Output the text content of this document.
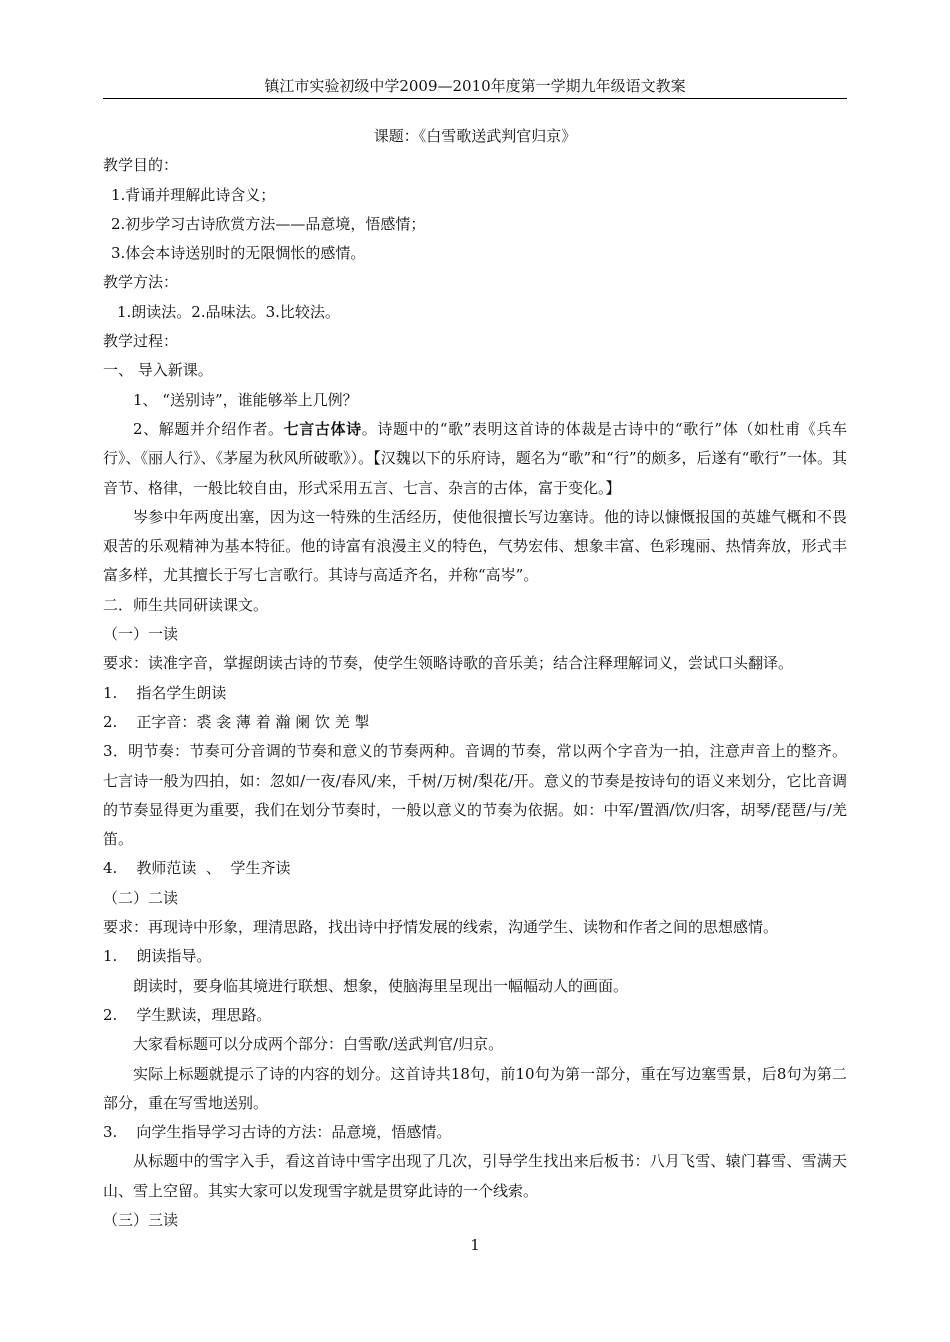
镇江市实验初级中学2009—2010年度第一学期九年级语文教案

课题：《白雪歌送武判官归京》

教学目的：

1.背诵并理解此诗含义；

2.初步学习古诗欣赏方法——品意境，悟感情；

3.体会本诗送别时的无限惆怅的感情。

教学方法：

1.朗读法。2.品味法。3.比较法。

教学过程：

一、 导入新课。

1、 “送别诗”，谁能够举上几例？

2、解题并介绍作者。七言古体诗。诗题中的“歌”表明这首诗的体裁是古诗中的“歌行”体（如杜甫《兵车行》、《丽人行》、《茅屋为秋风所破歌》）。【汉魏以下的乐府诗，题名为“歌”和“行”的颇多，后遂有“歌行”一体。其音节、格律，一般比较自由，形式采用五言、七言、杂言的古体，富于变化。】

岑参中年两度出塞，因为这一特殊的生活经历，使他很擅长写边塞诗。他的诗以慷慨报国的英雄气概和不畏艰苦的乐观精神为基本特征。他的诗富有浪漫主义的特色，气势宏伟、想象丰富、色彩瑰丽、热情奔放，形式丰富多样，尤其擅长于写七言歌行。其诗与高适齐名，并称“高岑”。

二．师生共同研读课文。

（一）一读

要求：读准字音，掌握朗读古诗的节奏，使学生领略诗歌的音乐美；结合注释理解词义，尝试口头翻译。

1.    指名学生朗读

2.    正字音：裘 衾 薄 着 瀚 阑 饮 羌 掣

3．明节奏：节奏可分音调的节奏和意义的节奏两种。音调的节奏，常以两个字音为一拍，注意声音上的整齐。七言诗一般为四拍，如：忽如/一夜/春风/来，千树/万树/梨花/开。意义的节奏是按诗句的语义来划分，它比音调的节奏显得更为重要，我们在划分节奏时，一般以意义的节奏为依据。如：中军/置酒/饮/归客，胡琴/琵琶/与/羌笛。

4.    教师范读  、  学生齐读

（二）二读

要求：再现诗中形象，理清思路，找出诗中抒情发展的线索，沟通学生、读物和作者之间的思想感情。

1.    朗读指导。

朗读时，要身临其境进行联想、想象，使脑海里呈现出一幅幅动人的画面。

2.    学生默读，理思路。

大家看标题可以分成两个部分：白雪歌/送武判官/归京。

实际上标题就提示了诗的内容的划分。这首诗共18句，前10句为第一部分，重在写边塞雪景，后8句为第二部分，重在写雪地送别。

3.    向学生指导学习古诗的方法：品意境，悟感情。

从标题中的雪字入手，看这首诗中雪字出现了几次，引导学生找出来后板书：八月飞雪、辕门暮雪、雪满天山、雪上空留。其实大家可以发现雪字就是贯穿此诗的一个线索。

（三）三读

1
